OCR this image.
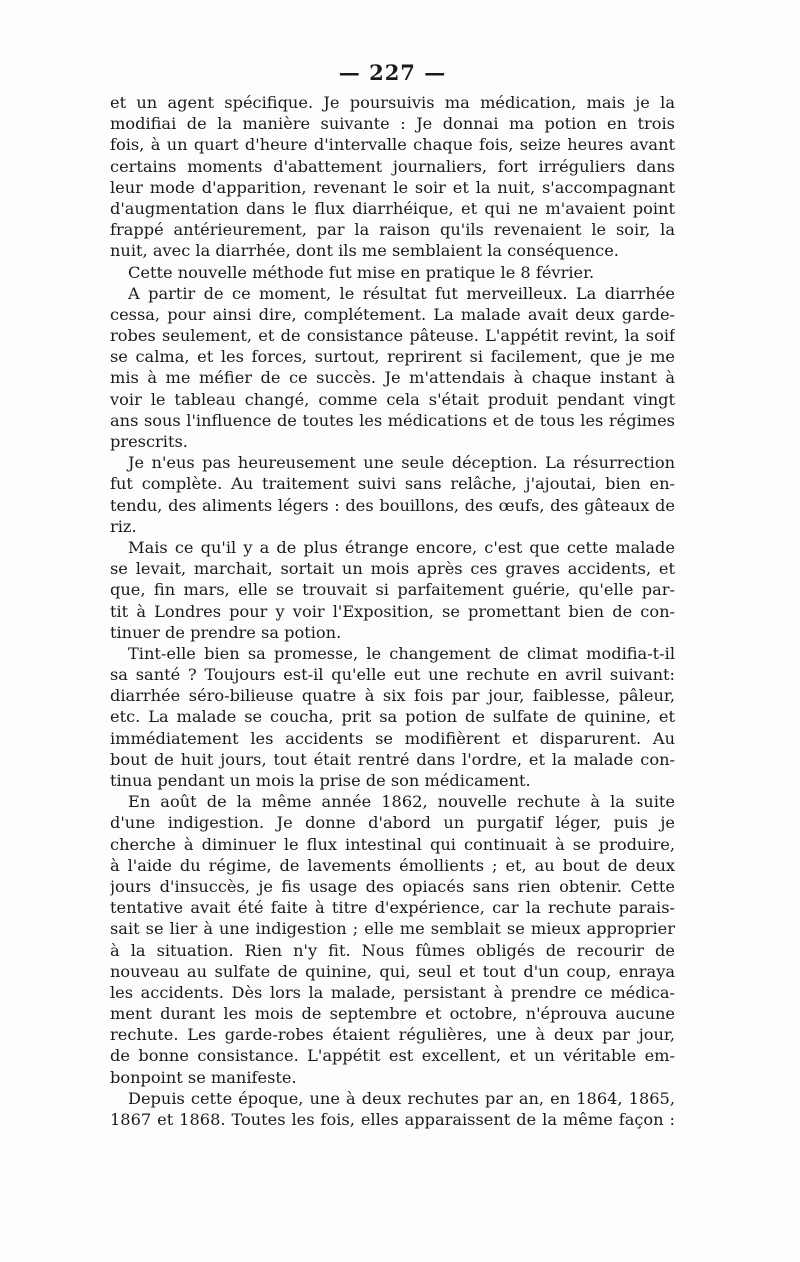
— 227 —
et un agent spécifique. Je poursuivis ma médication, mais je la
modifiai de la manière suivante : Je donnai ma potion en trois
fois, à un quart d'heure d'intervalle chaque fois, seize heures avant
certains moments d'abattement journaliers, fort irréguliers dans
leur mode d'apparition, revenant le soir et la nuit, s'accompagnant
d'augmentation dans le flux diarrhéique, et qui ne m'avaient point
frappé antérieurement, par la raison qu'ils revenaient le soir, la
nuit, avec la diarrhée, dont ils me semblaient la conséquence.
Cette nouvelle méthode fut mise en pratique le 8 février.
A partir de ce moment, le résultat fut merveilleux. La diarrhée
cessa, pour ainsi dire, complétement. La malade avait deux garde-
robes seulement, et de consistance pâteuse. L'appétit revint, la soif
se calma, et les forces, surtout, reprirent si facilement, que je me
mis à me méfier de ce succès. Je m'attendais à chaque instant à
voir le tableau changé, comme cela s'était produit pendant vingt
ans sous l'influence de toutes les médications et de tous les régimes
prescrits.
Je n'eus pas heureusement une seule déception. La résurrection
fut complète. Au traitement suivi sans relâche, j'ajoutai, bien en-
tendu, des aliments légers : des bouillons, des œufs, des gâteaux de
riz.
Mais ce qu'il y a de plus étrange encore, c'est que cette malade
se levait, marchait, sortait un mois après ces graves accidents, et
que, fin mars, elle se trouvait si parfaitement guérie, qu'elle par-
tit à Londres pour y voir l'Exposition, se promettant bien de con-
tinuer de prendre sa potion.
Tint-elle bien sa promesse, le changement de climat modifia-t-il
sa santé ? Toujours est-il qu'elle eut une rechute en avril suivant:
diarrhée séro-bilieuse quatre à six fois par jour, faiblesse, pâleur,
etc. La malade se coucha, prit sa potion de sulfate de quinine, et
immédiatement les accidents se modifièrent et disparurent. Au
bout de huit jours, tout était rentré dans l'ordre, et la malade con-
tinua pendant un mois la prise de son médicament.
En août de la même année 1862, nouvelle rechute à la suite
d'une indigestion. Je donne d'abord un purgatif léger, puis je
cherche à diminuer le flux intestinal qui continuait à se produire,
à l'aide du régime, de lavements émollients ; et, au bout de deux
jours d'insuccès, je fis usage des opiacés sans rien obtenir. Cette
tentative avait été faite à titre d'expérience, car la rechute parais-
sait se lier à une indigestion ; elle me semblait se mieux approprier
à la situation. Rien n'y fit. Nous fûmes obligés de recourir de
nouveau au sulfate de quinine, qui, seul et tout d'un coup, enraya
les accidents. Dès lors la malade, persistant à prendre ce médica-
ment durant les mois de septembre et octobre, n'éprouva aucune
rechute. Les garde-robes étaient régulières, une à deux par jour,
de bonne consistance. L'appétit est excellent, et un véritable em-
bonpoint se manifeste.
Depuis cette époque, une à deux rechutes par an, en 1864, 1865,
1867 et 1868. Toutes les fois, elles apparaissent de la même façon :
